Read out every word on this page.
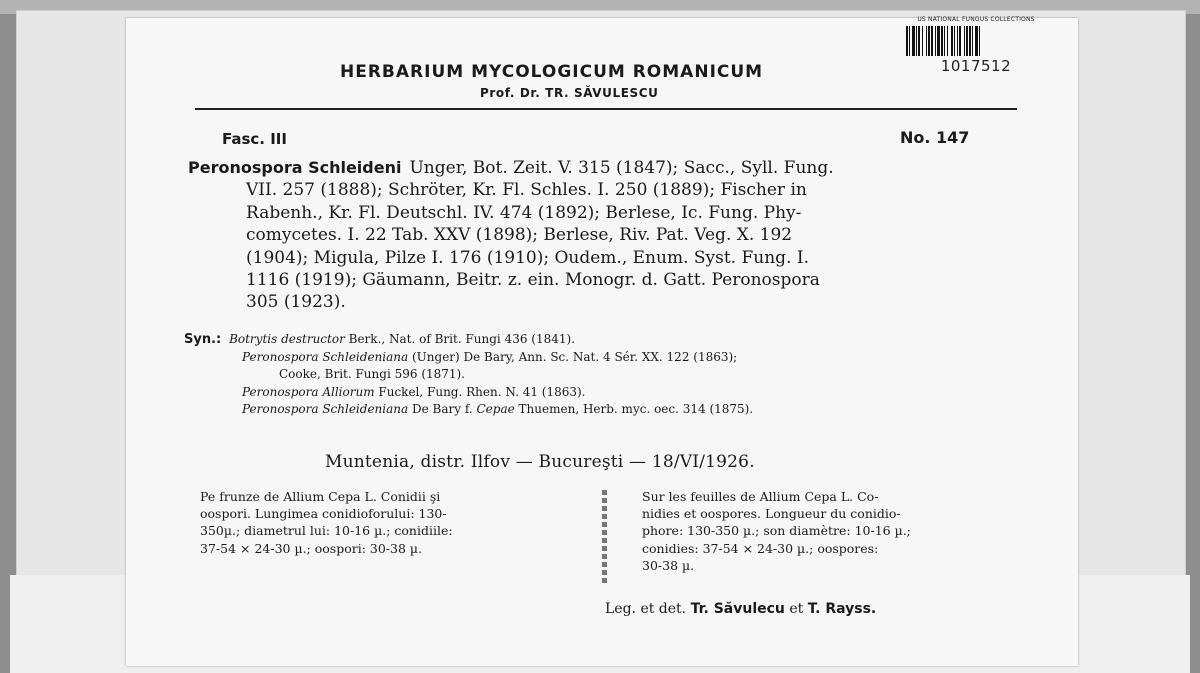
US NATIONAL FUNGUS COLLECTIONS
1017512
HERBARIUM MYCOLOGICUM ROMANICUM
Prof. Dr. TR. SĂVULESCU
Fasc. III	No. 147
Peronospora Schleideni Unger, Bot. Zeit. V. 315 (1847); Sacc., Syll. Fung.
VII. 257 (1888); Schröter, Kr. Fl. Schles. I. 250 (1889); Fischer in
Rabenh., Kr. Fl. Deutschl. IV. 474 (1892); Berlese, Ic. Fung. Phy-
comycetes. I. 22 Tab. XXV (1898); Berlese, Riv. Pat. Veg. X. 192
(1904); Migula, Pilze I. 176 (1910); Oudem., Enum. Syst. Fung. I.
1116 (1919); Gäumann, Beitr. z. ein. Monogr. d. Gatt. Peronospora
305 (1923).
Syn.: Botrytis destructor Berk., Nat. of Brit. Fungi 436 (1841).
Peronospora Schleideniana (Unger) De Bary, Ann. Sc. Nat. 4 Sér. XX. 122 (1863);
Cooke, Brit. Fungi 596 (1871).
Peronospora Alliorum Fuckel, Fung. Rhen. N. 41 (1863).
Peronospora Schleideniana De Bary f. Cepae Thuemen, Herb. myc. oec. 314 (1875).
Muntenia, distr. Ilfov — Bucureşti — 18/VI/1926.
Pe frunze de Allium Cepa L. Conidii şi
oospori. Lungimea conidioforului: 130-
350µ.; diametrul lui: 10-16 µ.; conidiile:
37-54 × 24-30 µ.; oospori: 30-38 µ.
Sur les feuilles de Allium Cepa L. Co-
nidies et oospores. Longueur du conidio-
phore: 130-350 µ.; son diamètre: 10-16 µ.;
conidies: 37-54 × 24-30 µ.; oospores:
30-38 µ.
Leg. et det. Tr. Săvulecu et T. Rayss.
